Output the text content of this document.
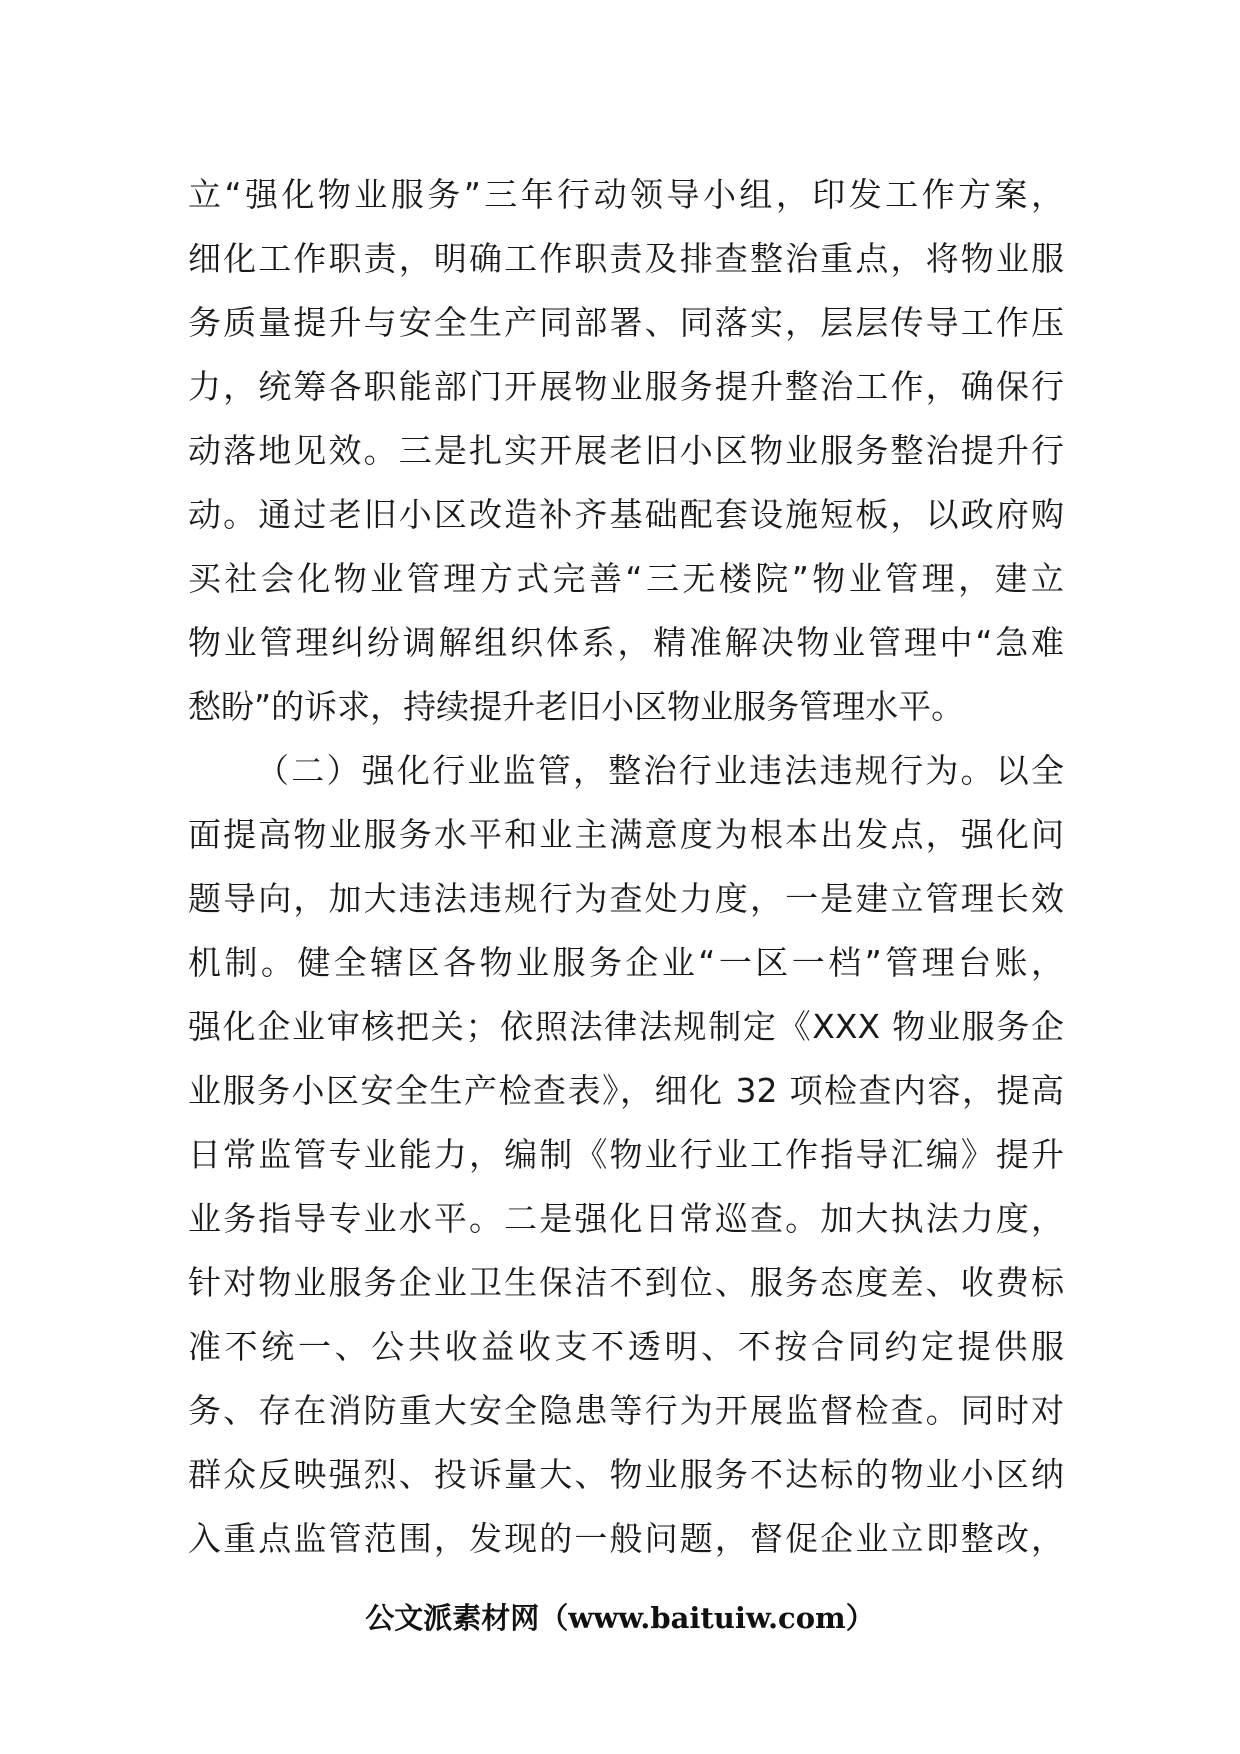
立“强化物业服务”三年行动领导小组，印发工作方案，
细化工作职责，明确工作职责及排查整治重点，将物业服
务质量提升与安全生产同部署、同落实，层层传导工作压
力，统筹各职能部门开展物业服务提升整治工作，确保行
动落地见效。三是扎实开展老旧小区物业服务整治提升行
动。通过老旧小区改造补齐基础配套设施短板，以政府购
买社会化物业管理方式完善“三无楼院”物业管理，建立
物业管理纠纷调解组织体系，精准解决物业管理中“急难
愁盼”的诉求，持续提升老旧小区物业服务管理水平。
（二）强化行业监管，整治行业违法违规行为。以全
面提高物业服务水平和业主满意度为根本出发点，强化问
题导向，加大违法违规行为查处力度，一是建立管理长效
机制。健全辖区各物业服务企业“一区一档”管理台账，
强化企业审核把关；依照法律法规制定《XXX 物业服务企
业服务小区安全生产检查表》，细化 32 项检查内容，提高
日常监管专业能力，编制《物业行业工作指导汇编》提升
业务指导专业水平。二是强化日常巡查。加大执法力度，
针对物业服务企业卫生保洁不到位、服务态度差、收费标
准不统一、公共收益收支不透明、不按合同约定提供服
务、存在消防重大安全隐患等行为开展监督检查。同时对
群众反映强烈、投诉量大、物业服务不达标的物业小区纳
入重点监管范围，发现的一般问题，督促企业立即整改，
公文派素材网（www.baituiw.com）
